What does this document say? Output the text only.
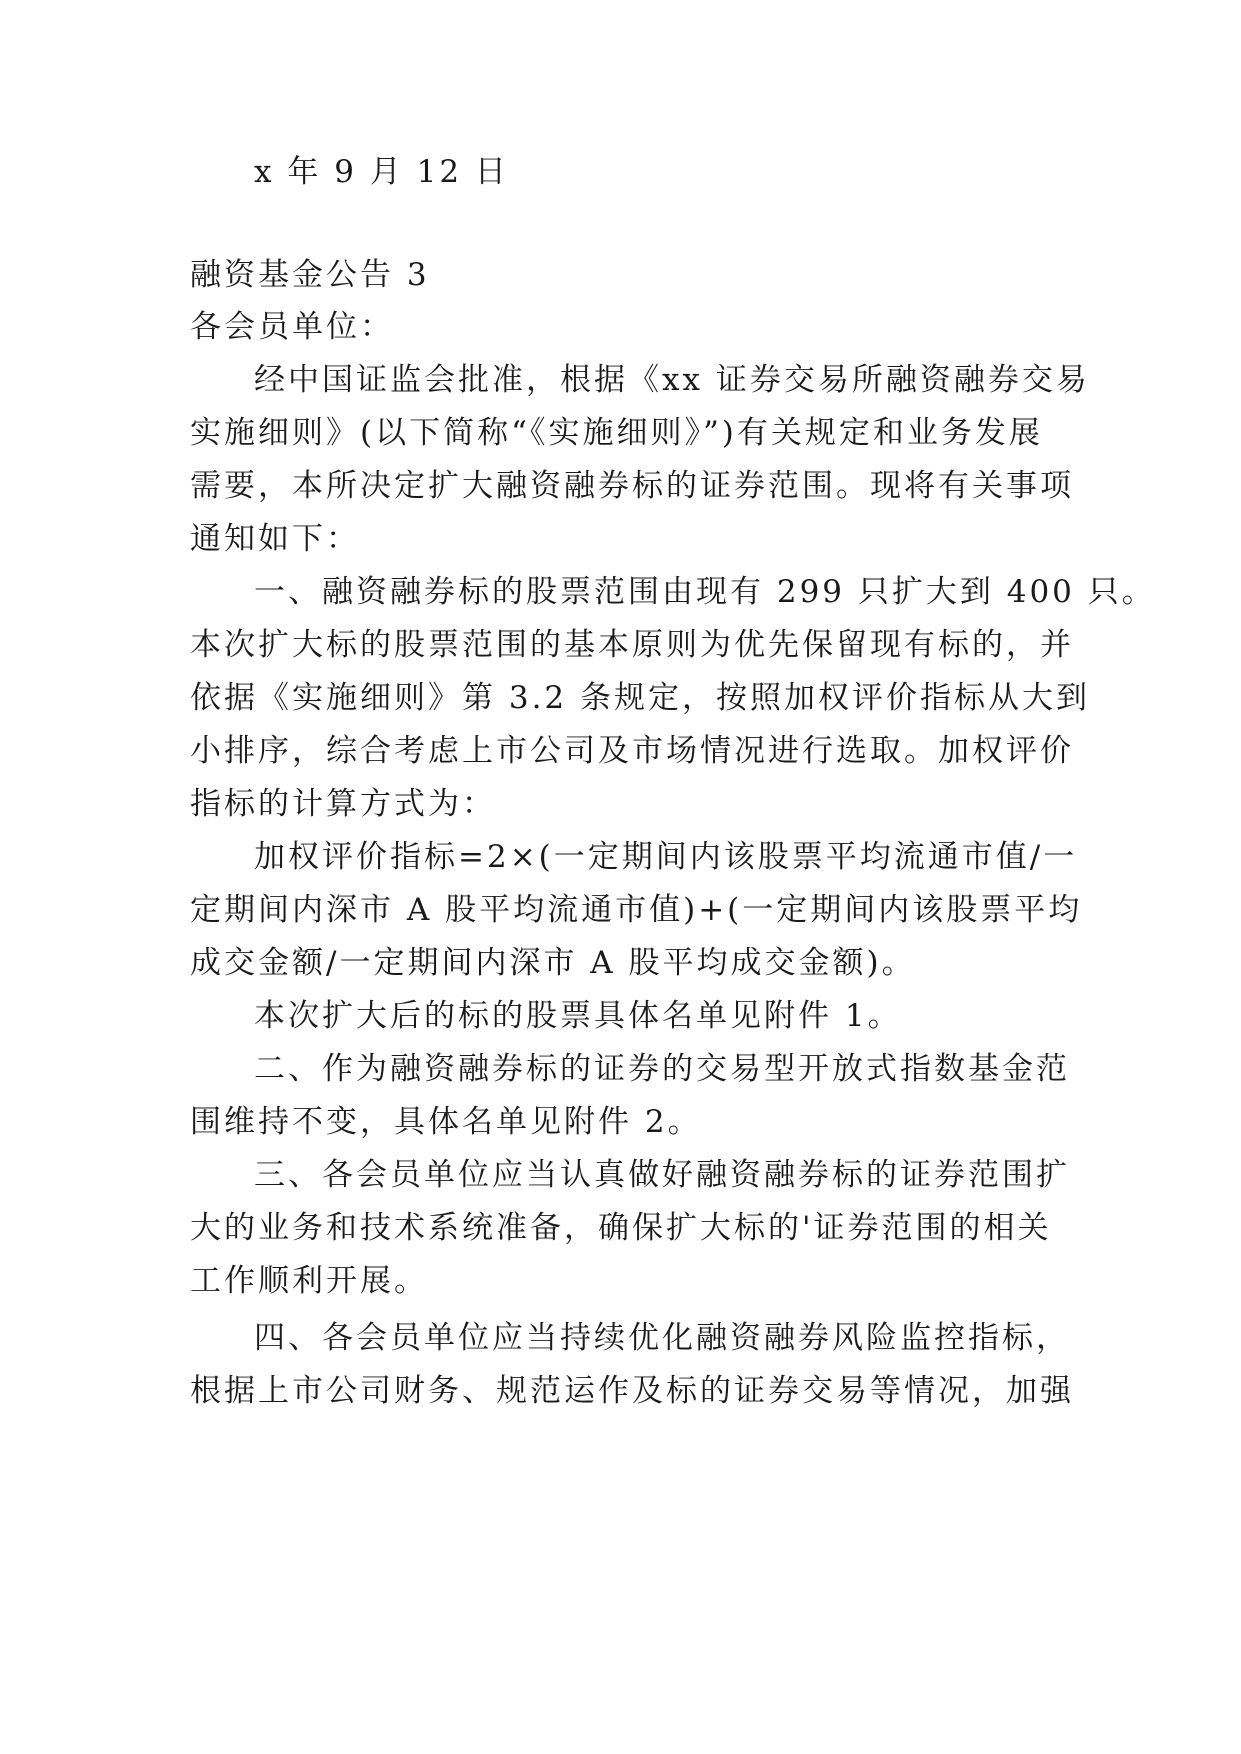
x 年 9 月 12 日
融资基金公告 3
各会员单位：
经中国证监会批准，根据《xx 证券交易所融资融券交易
实施细则》(以下简称“《实施细则》”)有关规定和业务发展
需要，本所决定扩大融资融券标的证券范围。现将有关事项
通知如下：
一、融资融券标的股票范围由现有 299 只扩大到 400 只。
本次扩大标的股票范围的基本原则为优先保留现有标的，并
依据《实施细则》第 3.2 条规定，按照加权评价指标从大到
小排序，综合考虑上市公司及市场情况进行选取。加权评价
指标的计算方式为：
加权评价指标=2×(一定期间内该股票平均流通市值/一
定期间内深市 A 股平均流通市值)+(一定期间内该股票平均
成交金额/一定期间内深市 A 股平均成交金额)。
本次扩大后的标的股票具体名单见附件 1。
二、作为融资融券标的证券的交易型开放式指数基金范
围维持不变，具体名单见附件 2。
三、各会员单位应当认真做好融资融券标的证券范围扩
大的业务和技术系统准备，确保扩大标的'证券范围的相关
工作顺利开展。
四、各会员单位应当持续优化融资融券风险监控指标，
根据上市公司财务、规范运作及标的证券交易等情况，加强
